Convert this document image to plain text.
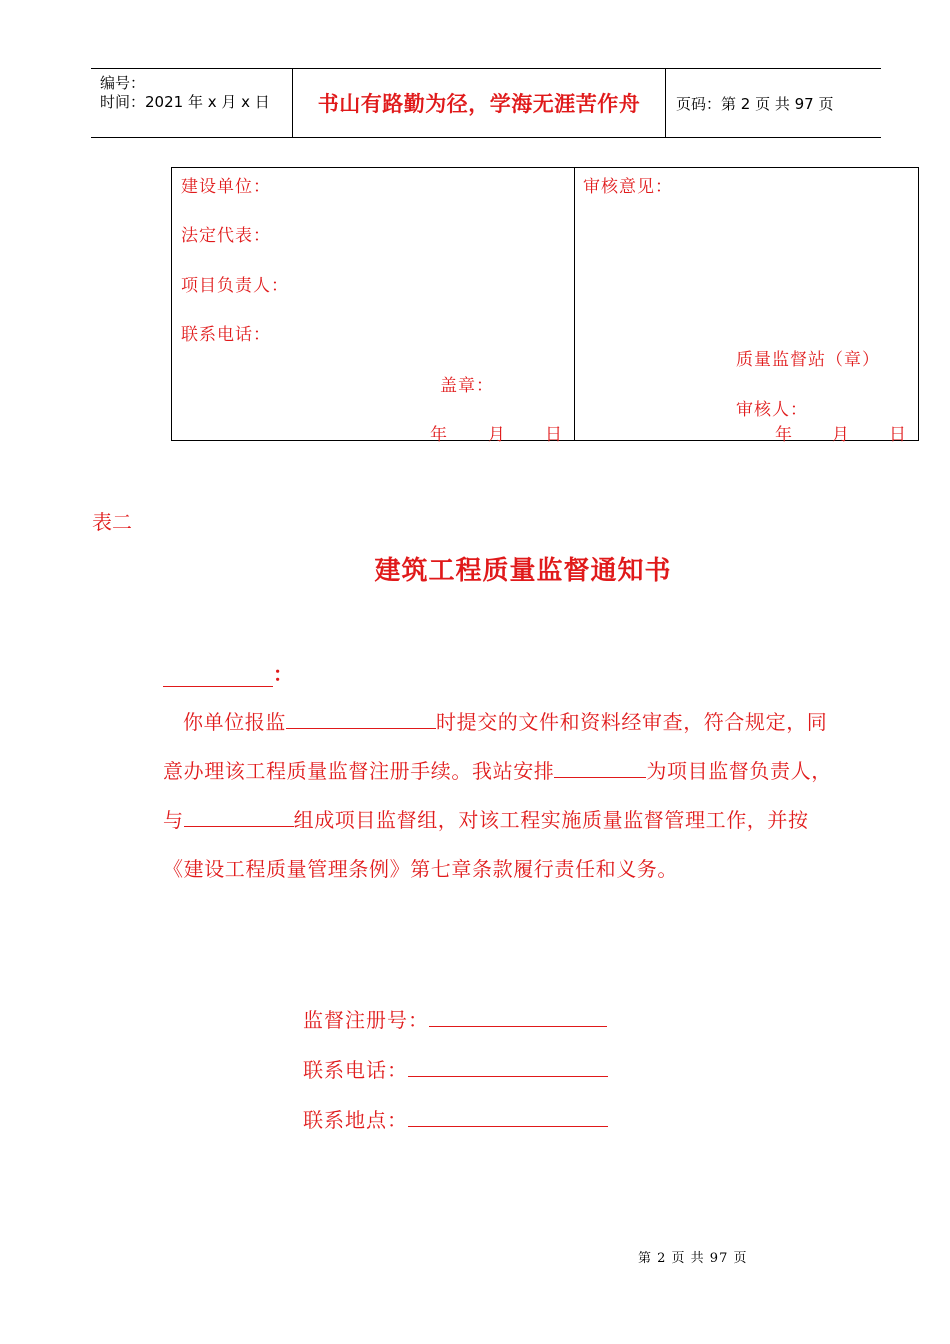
编号：
时间：2021 年 x 月 x 日 书山有路勤为径，学海无涯苦作舟	页码：第 2 页 共 97 页
建设单位：
法定代表：
项目负责人：
联系电话：
盖章：
年 月 日
审核意见：
质量监督站（章）
审核人：
年 月 日
表二
建筑工程质量监督通知书
：
你单位报监	时提交的文件和资料经审查，符合规定，同
意办理该工程质量监督注册手续。我站安排	为项目监督负责人，
与	组成项目监督组，对该工程实施质量监督管理工作，并按
《建设工程质量管理条例》第七章条款履行责任和义务。
监督注册号：
联系电话：
联系地点：
第 2 页 共 97 页
